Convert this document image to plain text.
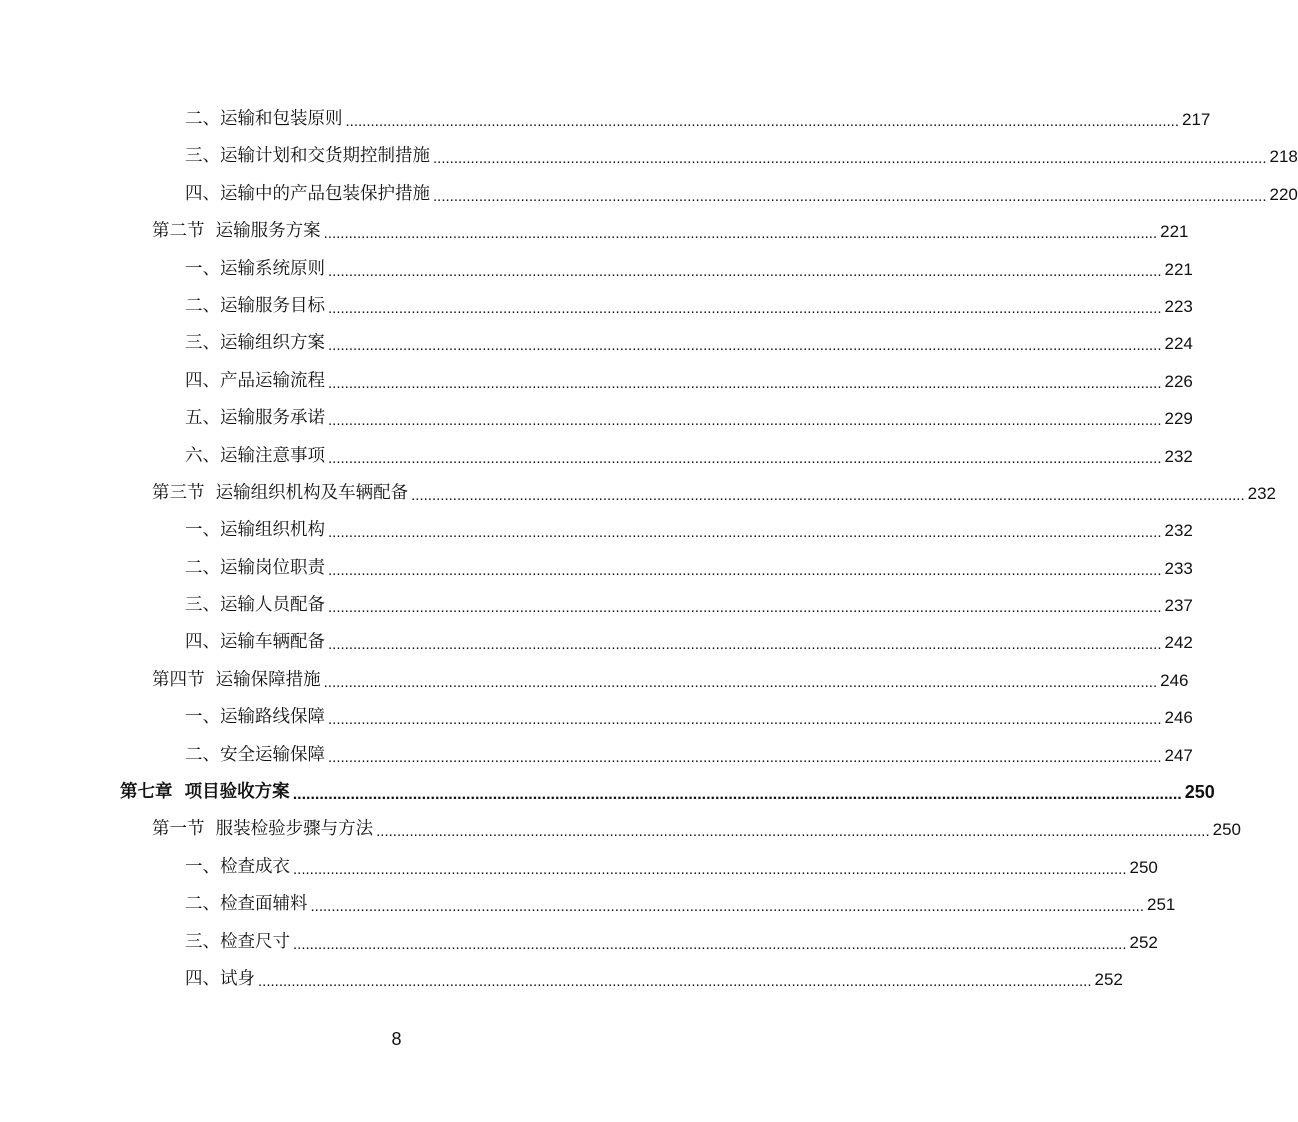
二、运输和包装原则 ........................................................................................................................................................................................................ 217
三、运输计划和交货期控制措施 ........................................................................................................................................................................................................ 218
四、运输中的产品包装保护措施 ........................................................................................................................................................................................................ 220
第二节  运输服务方案 ........................................................................................................................................................................................................ 221
一、运输系统原则 ........................................................................................................................................................................................................ 221
二、运输服务目标 ........................................................................................................................................................................................................ 223
三、运输组织方案 ........................................................................................................................................................................................................ 224
四、产品运输流程 ........................................................................................................................................................................................................ 226
五、运输服务承诺 ........................................................................................................................................................................................................ 229
六、运输注意事项 ........................................................................................................................................................................................................ 232
第三节  运输组织机构及车辆配备 ........................................................................................................................................................................................................ 232
一、运输组织机构 ........................................................................................................................................................................................................ 232
二、运输岗位职责 ........................................................................................................................................................................................................ 233
三、运输人员配备 ........................................................................................................................................................................................................ 237
四、运输车辆配备 ........................................................................................................................................................................................................ 242
第四节  运输保障措施 ........................................................................................................................................................................................................ 246
一、运输路线保障 ........................................................................................................................................................................................................ 246
二、安全运输保障 ........................................................................................................................................................................................................ 247
第七章  项目验收方案 ........................................................................................................................................................................................................ 250
第一节  服装检验步骤与方法 ........................................................................................................................................................................................................ 250
一、检查成衣 ........................................................................................................................................................................................................ 250
二、检查面辅料 ........................................................................................................................................................................................................ 251
三、检查尺寸 ........................................................................................................................................................................................................ 252
四、试身 ........................................................................................................................................................................................................ 252
8
